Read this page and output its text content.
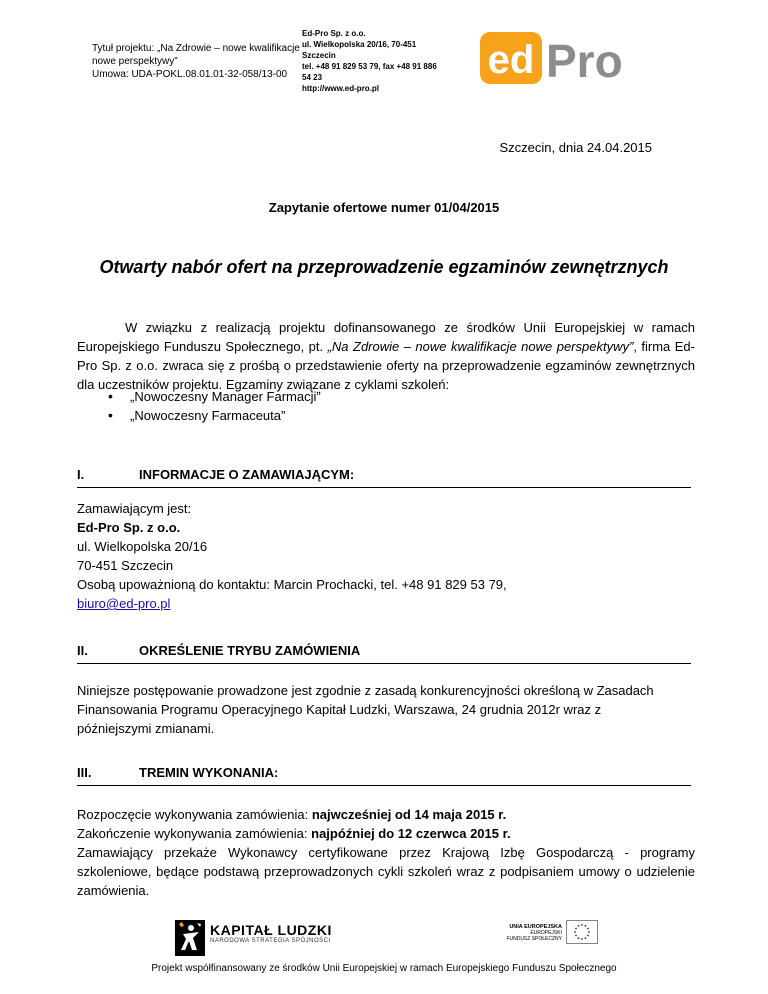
Tytuł projektu: „Na Zdrowie – nowe kwalifikacje
nowe perspektywy”
Umowa: UDA-POKL.08.01.01-32-058/13-00
Ed-Pro Sp. z o.o.
ul. Wielkopolska 20/16, 70-451
Szczecin
tel. +48 91 829 53 79, fax +48 91 886
54 23
http://www.ed-pro.pl
ed Pro
Szczecin, dnia 24.04.2015
Zapytanie ofertowe numer 01/04/2015
Otwarty nabór ofert na przeprowadzenie egzaminów zewnętrznych
W związku z realizacją projektu dofinansowanego ze środków Unii Europejskiej w ramach Europejskiego Funduszu Społecznego, pt. „Na Zdrowie – nowe kwalifikacje nowe perspektywy”, firma Ed-Pro Sp. z o.o. zwraca się z prośbą o przedstawienie oferty na przeprowadzenie egzaminów zewnętrznych dla uczestników projektu. Egzaminy związane z cyklami szkoleń:
• „Nowoczesny Manager Farmacji”
• „Nowoczesny Farmaceuta”
I.	INFORMACJE O ZAMAWIAJĄCYM:
Zamawiającym jest:
Ed-Pro Sp. z o.o.
ul. Wielkopolska 20/16
70-451 Szczecin
Osobą upoważnioną do kontaktu: Marcin Prochacki, tel. +48 91 829 53 79,
biuro@ed-pro.pl
II.	OKREŚLENIE TRYBU ZAMÓWIENIA
Niniejsze postępowanie prowadzone jest zgodnie z zasadą konkurencyjności określoną w Zasadach
Finansowania Programu Operacyjnego Kapitał Ludzki, Warszawa, 24 grudnia 2012r wraz z
późniejszymi zmianami.
III.	TREMIN WYKONANIA:
Rozpoczęcie wykonywania zamówienia: najwcześniej od 14 maja 2015 r.
Zakończenie wykonywania zamówienia: najpóźniej do 12 czerwca 2015 r.
Zamawiający przekaże Wykonawcy certyfikowane przez Krajową Izbę Gospodarczą - programy szkoleniowe, będące podstawą przeprowadzonych cykli szkoleń wraz z podpisaniem umowy o udzielenie zamówienia.
KAPITAŁ LUDZKI
NARODOWA STRATEGIA SPÓJNOŚCI
UNIA EUROPEJSKA
EUROPEJSKI
FUNDUSZ SPOŁECZNY
Projekt współfinansowany ze środków Unii Europejskiej w ramach Europejskiego Funduszu Społecznego
